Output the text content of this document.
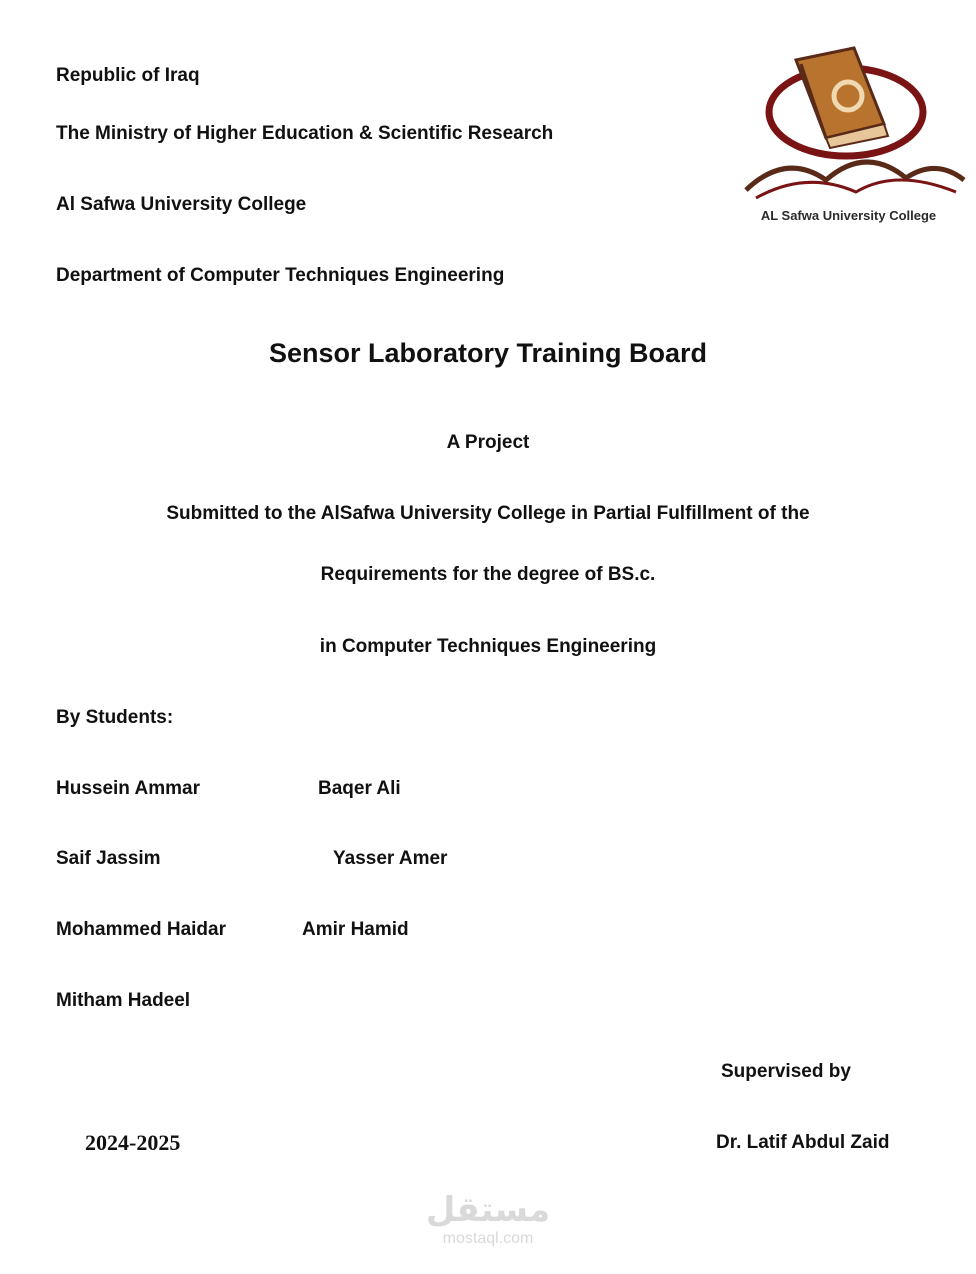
Republic of Iraq
The Ministry of Higher Education & Scientific Research
Al Safwa University College
Department of Computer Techniques Engineering
AL Safwa University College
Sensor Laboratory Training Board
A Project
Submitted to the AlSafwa University College in Partial Fulfillment of the
Requirements for the degree of BS.c.
in Computer Techniques Engineering
By Students:
Hussein Ammar	Baqer Ali
Saif Jassim	Yasser Amer
Mohammed Haidar	Amir Hamid
Mitham Hadeel
Supervised by
Dr. Latif Abdul Zaid
2024-2025
مستقل
mostaql.com
